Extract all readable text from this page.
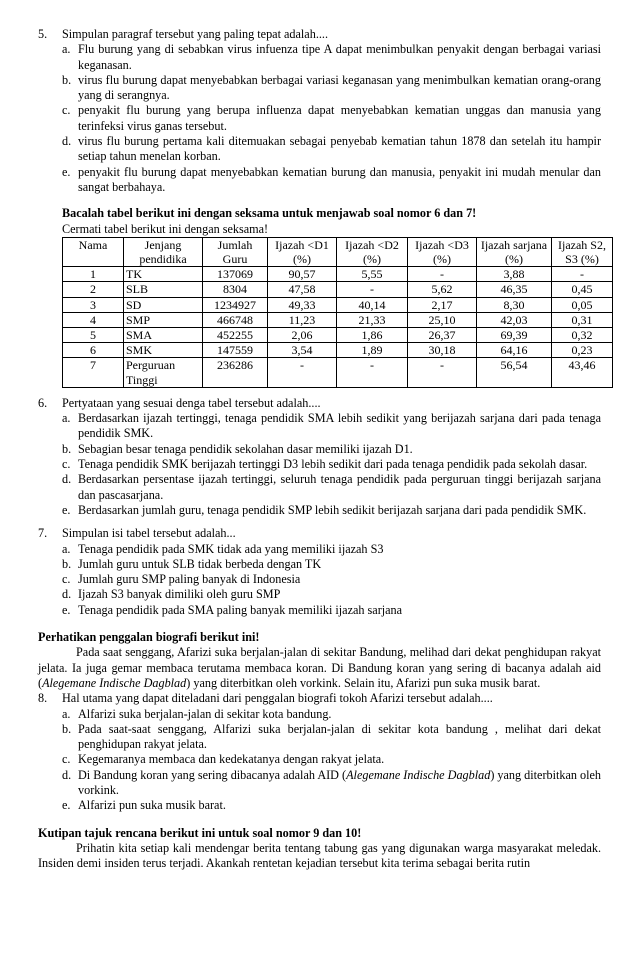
5. Simpulan paragraf tersebut yang paling tepat adalah....
a. Flu burung yang di sebabkan virus infuenza tipe A dapat menimbulkan penyakit dengan berbagai variasi keganasan.
b. virus flu burung dapat menyebabkan berbagai variasi keganasan yang menimbulkan kematian orang-orang yang di serangnya.
c. penyakit flu burung yang berupa influenza dapat menyebabkan kematian unggas dan manusia yang terinfeksi virus ganas tersebut.
d. virus flu burung pertama kali ditemuakan sebagai penyebab kematian tahun 1878 dan setelah itu hampir setiap tahun menelan korban.
e. penyakit flu burung dapat menyebabkan kematian burung dan manusia, penyakit ini mudah menular dan sangat berbahaya.
Bacalah tabel berikut ini dengan seksama untuk menjawab soal nomor 6 dan 7!
Cermati tabel berikut ini dengan seksama!
Nama	Jenjang pendidika	Jumlah Guru	Ijazah <D1 (%)	Ijazah <D2 (%)	Ijazah <D3 (%)	Ijazah sarjana (%)	Ijazah S2, S3 (%)
1	TK	137069	90,57	5,55	-	3,88	-
2	SLB	8304	47,58	-	5,62	46,35	0,45
3	SD	1234927	49,33	40,14	2,17	8,30	0,05
4	SMP	466748	11,23	21,33	25,10	42,03	0,31
5	SMA	452255	2,06	1,86	26,37	69,39	0,32
6	SMK	147559	3,54	1,89	30,18	64,16	0,23
7	Perguruan Tinggi	236286	-	-	-	56,54	43,46
6. Pertyataan yang sesuai denga tabel tersebut adalah....
a. Berdasarkan ijazah tertinggi, tenaga pendidik SMA lebih sedikit yang berijazah sarjana dari pada tenaga pendidik SMK.
b. Sebagian besar tenaga pendidik sekolahan dasar memiliki ijazah D1.
c. Tenaga pendidik SMK berijazah tertinggi D3 lebih sedikit dari pada tenaga pendidik pada sekolah dasar.
d. Berdasarkan persentase ijazah tertinggi, seluruh tenaga pendidik pada perguruan tinggi berijazah sarjana dan pascasarjana.
e. Berdasarkan jumlah guru, tenaga pendidik SMP lebih sedikit berijazah sarjana dari pada pendidik SMK.
7. Simpulan isi tabel tersebut adalah...
a. Tenaga pendidik pada SMK tidak ada yang memiliki ijazah S3
b. Jumlah guru untuk SLB tidak berbeda dengan TK
c. Jumlah guru SMP paling banyak di Indonesia
d. Ijazah S3 banyak dimiliki oleh guru SMP
e. Tenaga pendidik pada SMA paling banyak memiliki ijazah sarjana
Perhatikan penggalan biografi berikut ini!
Pada saat senggang, Afarizi suka berjalan-jalan di sekitar Bandung, melihad dari dekat penghidupan rakyat jelata. Ia juga gemar membaca terutama membaca koran. Di Bandung koran yang sering di bacanya adalah aid (Alegemane Indische Dagblad) yang diterbitkan oleh vorkink. Selain itu, Afarizi pun suka musik barat.
8. Hal utama yang dapat diteladani dari penggalan biografi tokoh Afarizi tersebut adalah....
a. Alfarizi suka berjalan-jalan di sekitar kota bandung.
b. Pada saat-saat senggang, Alfarizi suka berjalan-jalan di sekitar kota bandung , melihat dari dekat penghidupan rakyat jelata.
c. Kegemaranya membaca dan kedekatanya dengan rakyat jelata.
d. Di Bandung koran yang sering dibacanya adalah AID (Alegemane Indische Dagblad) yang diterbitkan oleh vorkink.
e. Alfarizi pun suka musik barat.
Kutipan tajuk rencana berikut ini untuk soal nomor 9 dan 10!
Prihatin kita setiap kali mendengar berita tentang tabung gas yang digunakan warga masyarakat meledak. Insiden demi insiden terus terjadi. Akankah rentetan kejadian tersebut kita terima sebagai berita rutin
